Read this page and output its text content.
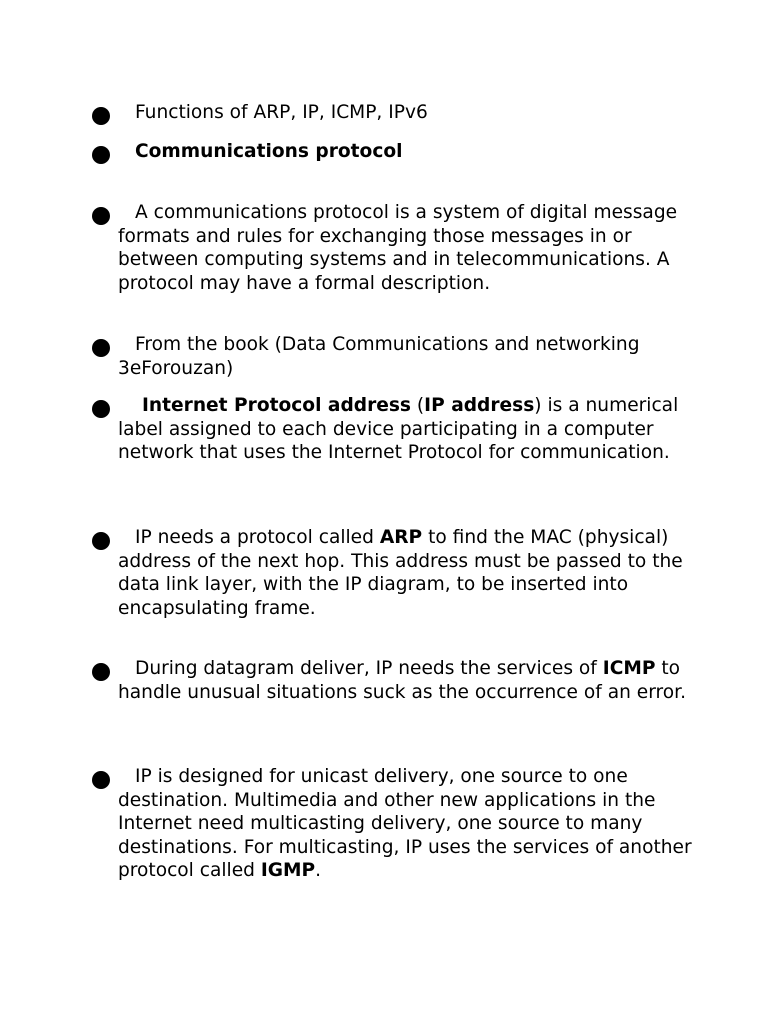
Functions of ARP, IP, ICMP, IPv6
Communications protocol
A communications protocol is a system of digital message formats and rules for exchanging those messages in or between computing systems and in telecommunications. A protocol may have a formal description.
From the book (Data Communications and networking 3eForouzan)
Internet Protocol address (IP address) is a numerical label assigned to each device participating in a computer network that uses the Internet Protocol for communication.
IP needs a protocol called ARP to find the MAC (physical) address of the next hop. This address must be passed to the data link layer, with the IP diagram, to be inserted into encapsulating frame.
During datagram deliver, IP needs the services of ICMP to handle unusual situations suck as the occurrence of an error.
IP is designed for unicast delivery, one source to one destination. Multimedia and other new applications in the Internet need multicasting delivery, one source to many destinations. For multicasting, IP uses the services of another protocol called IGMP.
